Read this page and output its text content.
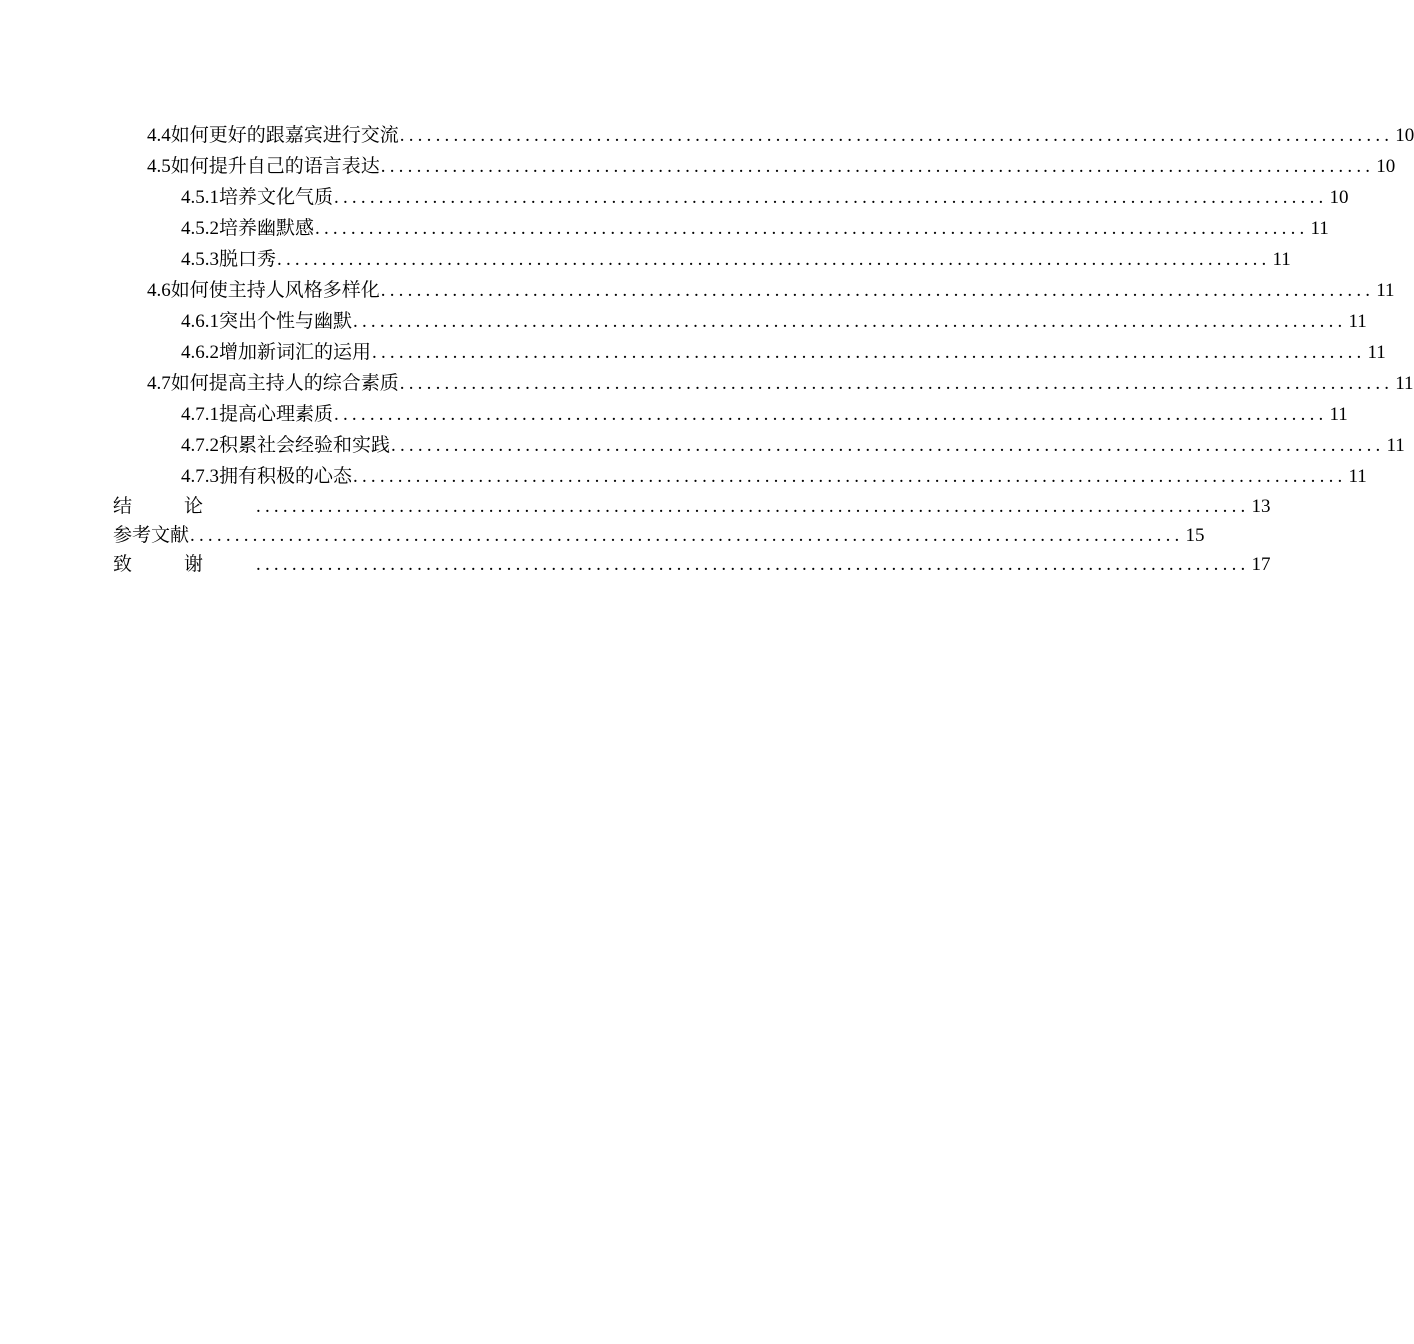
4.4 如何更好的跟嘉宾进行交流 ............................................................................................................... 10
4.5 如何提升自己的语言表达 ............................................................................................................... 10
4.5.1 培养文化气质 ............................................................................................................... 10
4.5.2 培养幽默感 ............................................................................................................... 11
4.5.3 脱口秀 ............................................................................................................... 11
4.6 如何使主持人风格多样化 ............................................................................................................... 11
4.6.1 突出个性与幽默 ............................................................................................................... 11
4.6.2 增加新词汇的运用 ............................................................................................................... 11
4.7 如何提高主持人的综合素质 ............................................................................................................... 11
4.7.1 提高心理素质 ............................................................................................................... 11
4.7.2 积累社会经验和实践 ............................................................................................................... 11
4.7.3 拥有积极的心态 ............................................................................................................... 11
结论 ............................................................................................................... 13
参考文献 ............................................................................................................... 15
致谢 ............................................................................................................... 17
